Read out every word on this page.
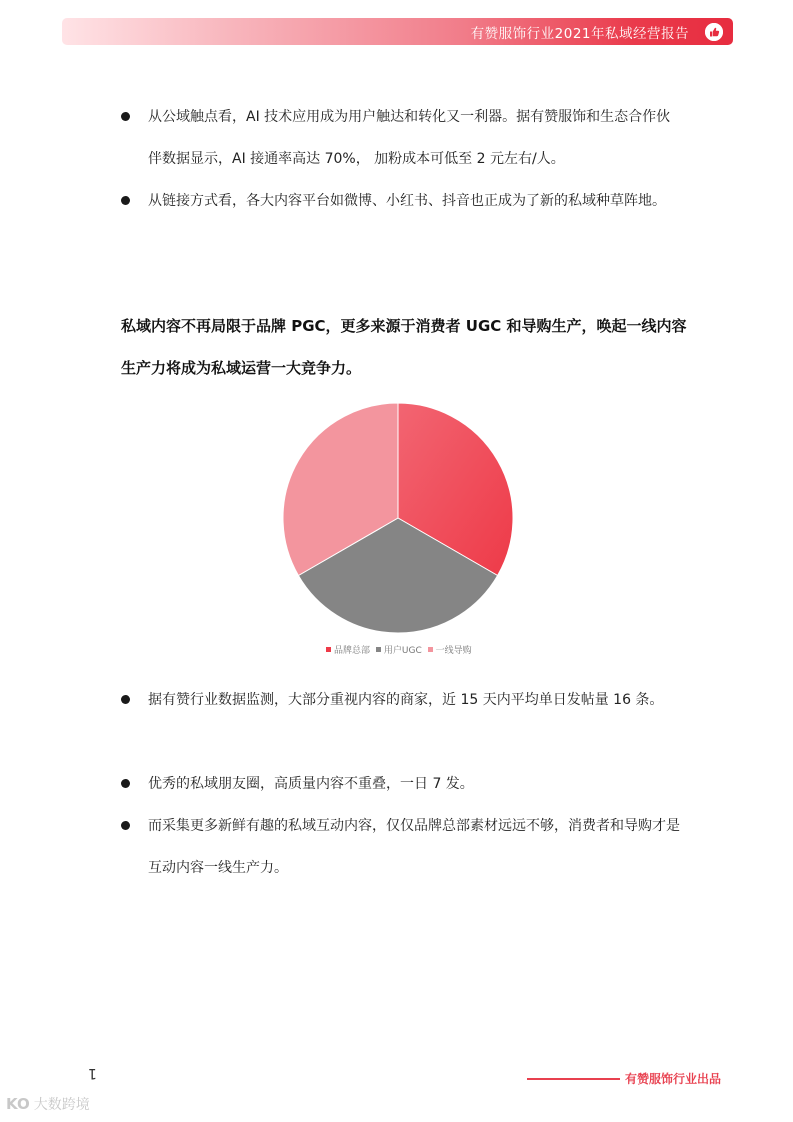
有赞服饰行业2021年私域经营报告
从公域触点看，AI 技术应用成为用户触达和转化又一利器。据有赞服饰和生态合作伙伴数据显示，AI 接通率高达 70%， 加粉成本可低至 2 元左右/人。
从链接方式看，各大内容平台如微博、小红书、抖音也正成为了新的私域种草阵地。

私域内容不再局限于品牌 PGC，更多来源于消费者 UGC 和导购生产，唤起一线内容生产力将成为私域运营一大竞争力。

品牌总部 用户UGC 一线导购
据有赞行业数据监测，大部分重视内容的商家，近 15 天内平均单日发帖量 16 条。
优秀的私域朋友圈，高质量内容不重叠，一日 7 发。
而采集更多新鲜有趣的私域互动内容，仅仅品牌总部素材远远不够，消费者和导购才是互动内容一线生产力。
1	有赞服饰行业出品
KO 大数跨境
